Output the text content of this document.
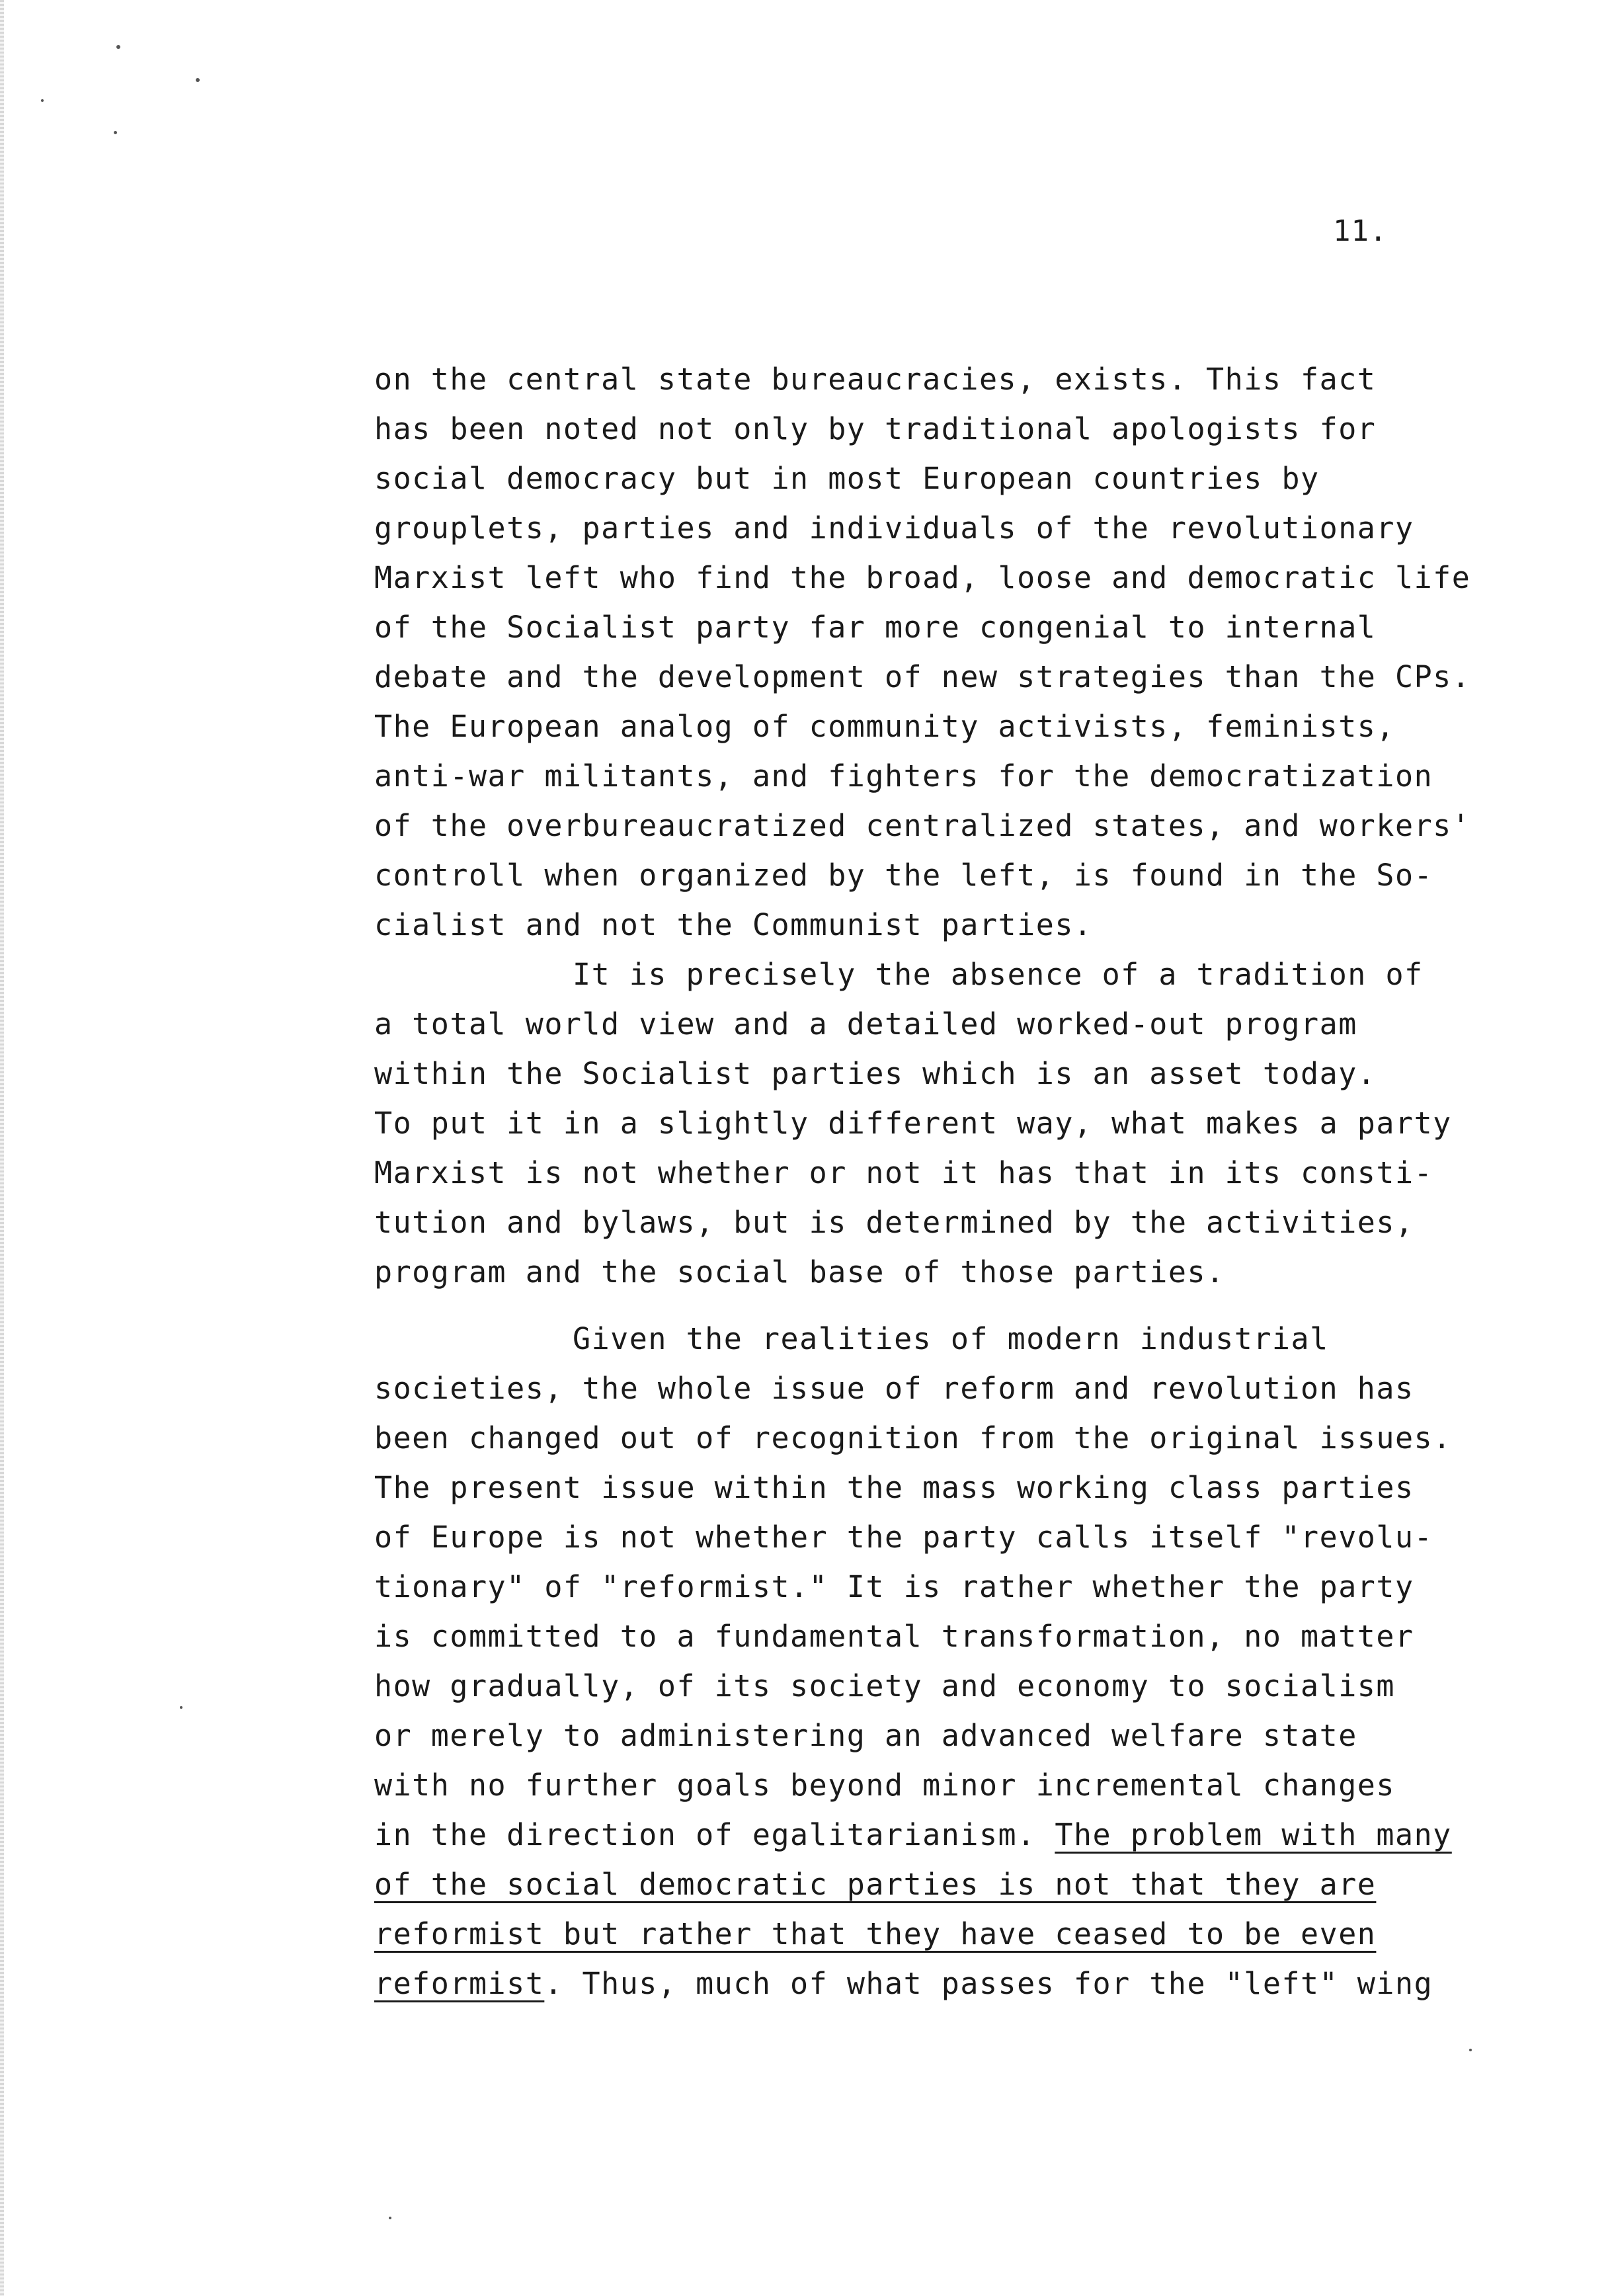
11.
on the central state bureaucracies, exists. This fact
has been noted not only by traditional apologists for
social democracy but in most European countries by
grouplets, parties and individuals of the revolutionary
Marxist left who find the broad, loose and democratic life
of the Socialist party far more congenial to internal
debate and the development of new strategies than the CPs.
The European analog of community activists, feminists,
anti-war militants, and fighters for the democratization
of the overbureaucratized centralized states, and workers'
controll when organized by the left, is found in the So-
cialist and not the Communist parties.
It is precisely the absence of a tradition of
a total world view and a detailed worked-out program
within the Socialist parties which is an asset today.
To put it in a slightly different way, what makes a party
Marxist is not whether or not it has that in its consti-
tution and bylaws, but is determined by the activities,
program and the social base of those parties.
Given the realities of modern industrial
societies, the whole issue of reform and revolution has
been changed out of recognition from the original issues.
The present issue within the mass working class parties
of Europe is not whether the party calls itself "revolu-
tionary" of "reformist." It is rather whether the party
is committed to a fundamental transformation, no matter
how gradually, of its society and economy to socialism
or merely to administering an advanced welfare state
with no further goals beyond minor incremental changes
in the direction of egalitarianism. The problem with many
of the social democratic parties is not that they are
reformist but rather that they have ceased to be even
reformist. Thus, much of what passes for the "left" wing
